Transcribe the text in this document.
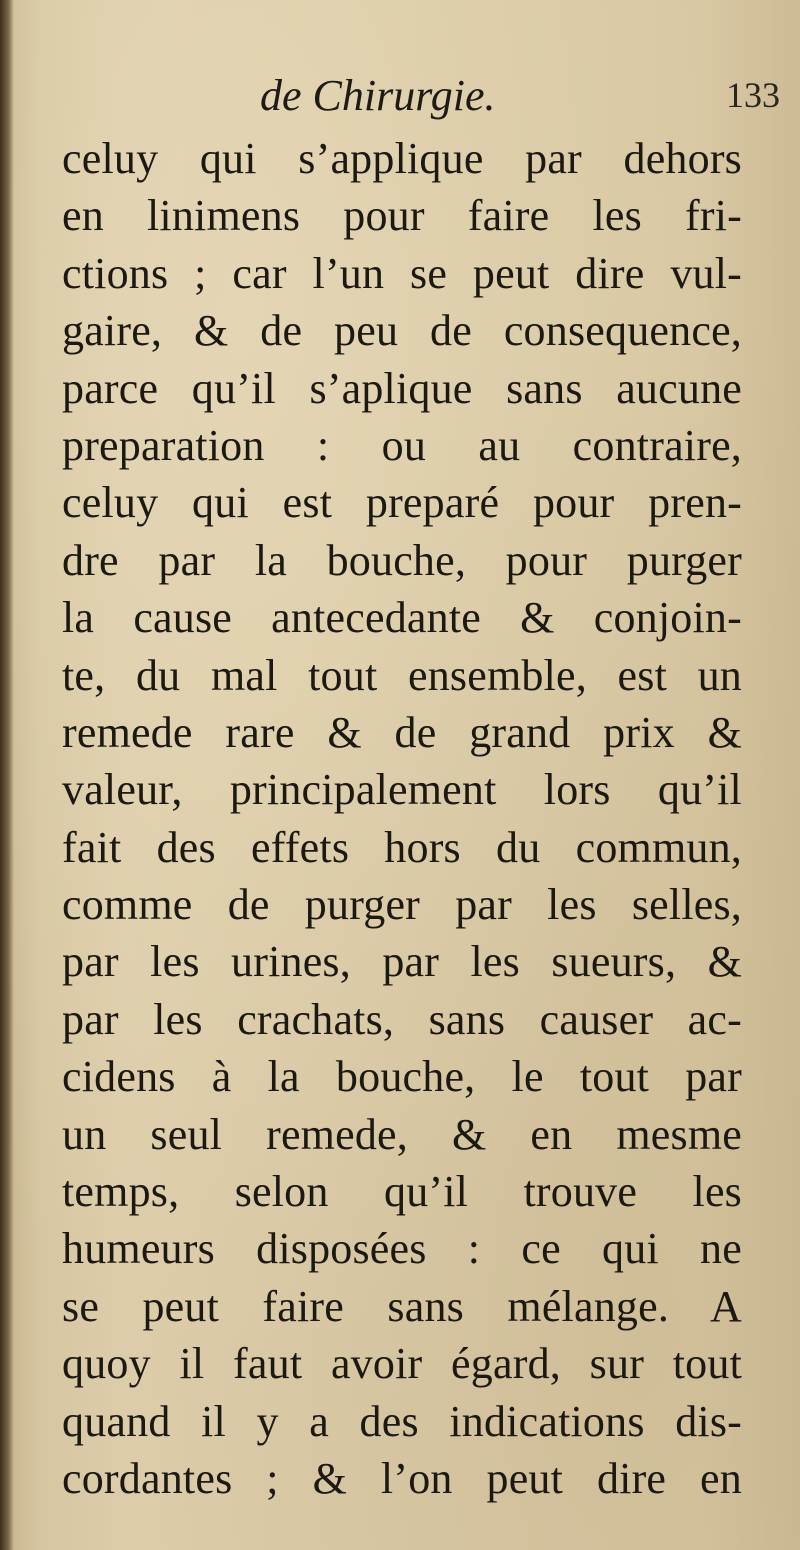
de Chirurgie.	133
celuy qui s’applique par dehors
en linimens pour faire les fri-
ctions ; car l’un se peut dire vul-
gaire, & de peu de consequence,
parce qu’il s’aplique sans aucune
preparation : ou au contraire,
celuy qui est preparé pour pren-
dre par la bouche, pour purger
la cause antecedante & conjoin-
te, du mal tout ensemble, est un
remede rare & de grand prix &
valeur, principalement lors qu’il
fait des effets hors du commun,
comme de purger par les selles,
par les urines, par les sueurs, &
par les crachats, sans causer ac-
cidens à la bouche, le tout par
un seul remede, & en mesme
temps, selon qu’il trouve les
humeurs disposées : ce qui ne
se peut faire sans mélange. A
quoy il faut avoir égard, sur tout
quand il y a des indications dis-
cordantes ; & l’on peut dire en
